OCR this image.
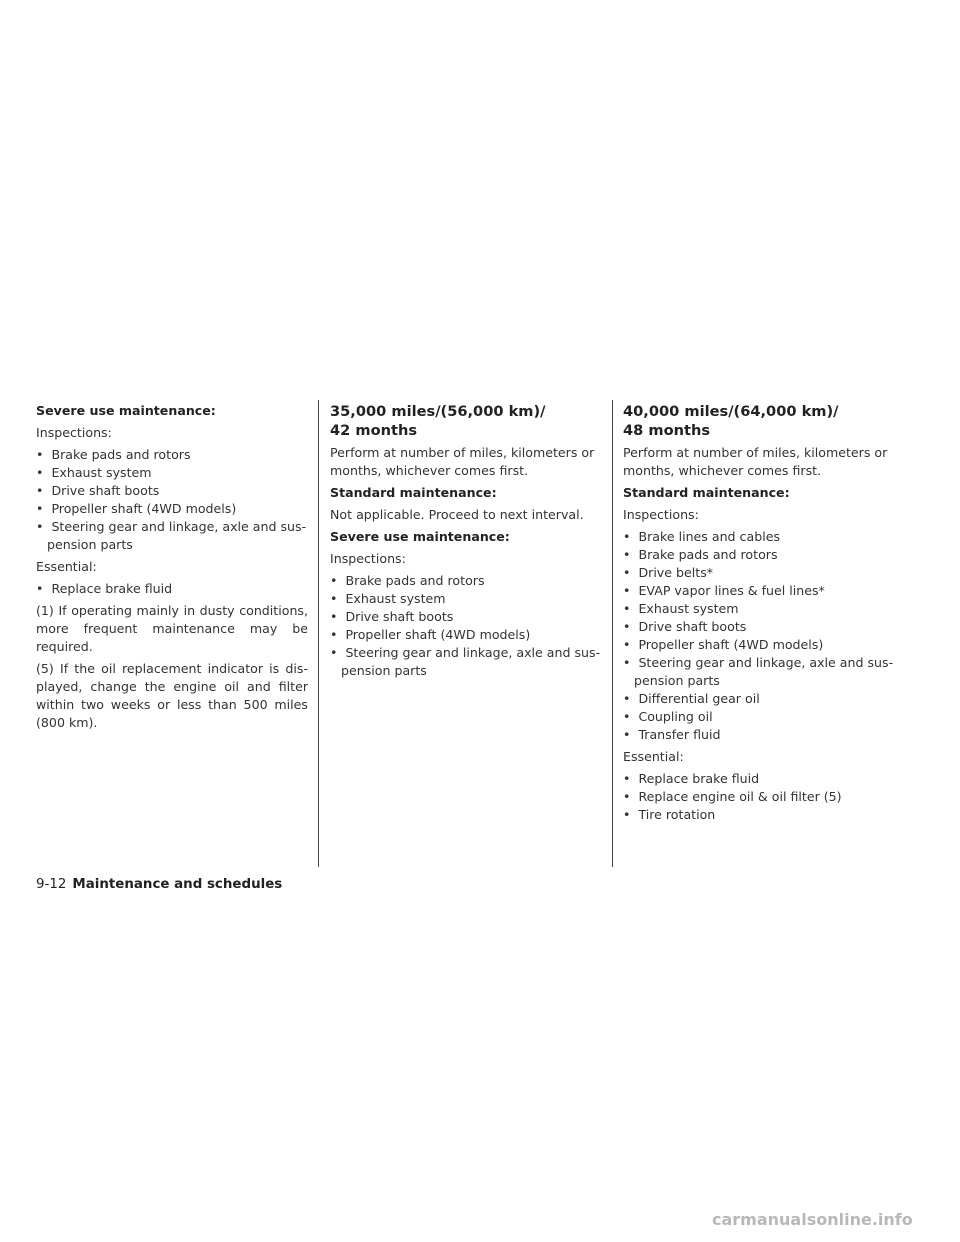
Severe use maintenance:

Inspections:

•  Brake pads and rotors
•  Exhaust system
•  Drive shaft boots
•  Propeller shaft (4WD models)
•  Steering gear and linkage, axle and sus- pension parts

Essential:

•  Replace brake fluid

(1) If operating mainly in dusty conditions, more frequent maintenance may be required.

(5) If the oil replacement indicator is dis- played, change the engine oil and filter within two weeks or less than 500 miles (800 km).

35,000 miles/(56,000 km)/
42 months

Perform at number of miles, kilometers or months, whichever comes first.

Standard maintenance:

Not applicable. Proceed to next interval.

Severe use maintenance:

Inspections:

•  Brake pads and rotors
•  Exhaust system
•  Drive shaft boots
•  Propeller shaft (4WD models)
•  Steering gear and linkage, axle and sus- pension parts
40,000 miles/(64,000 km)/
48 months

Perform at number of miles, kilometers or months, whichever comes first.

Standard maintenance:

Inspections:

•  Brake lines and cables
•  Brake pads and rotors
•  Drive belts*
•  EVAP vapor lines & fuel lines*
•  Exhaust system
•  Drive shaft boots
•  Propeller shaft (4WD models)
•  Steering gear and linkage, axle and sus- pension parts
•  Differential gear oil
•  Coupling oil
•  Transfer fluid

Essential:

•  Replace brake fluid
•  Replace engine oil & oil filter (5)
•  Tire rotation
9-12 Maintenance and schedules
carmanualsonline.info
